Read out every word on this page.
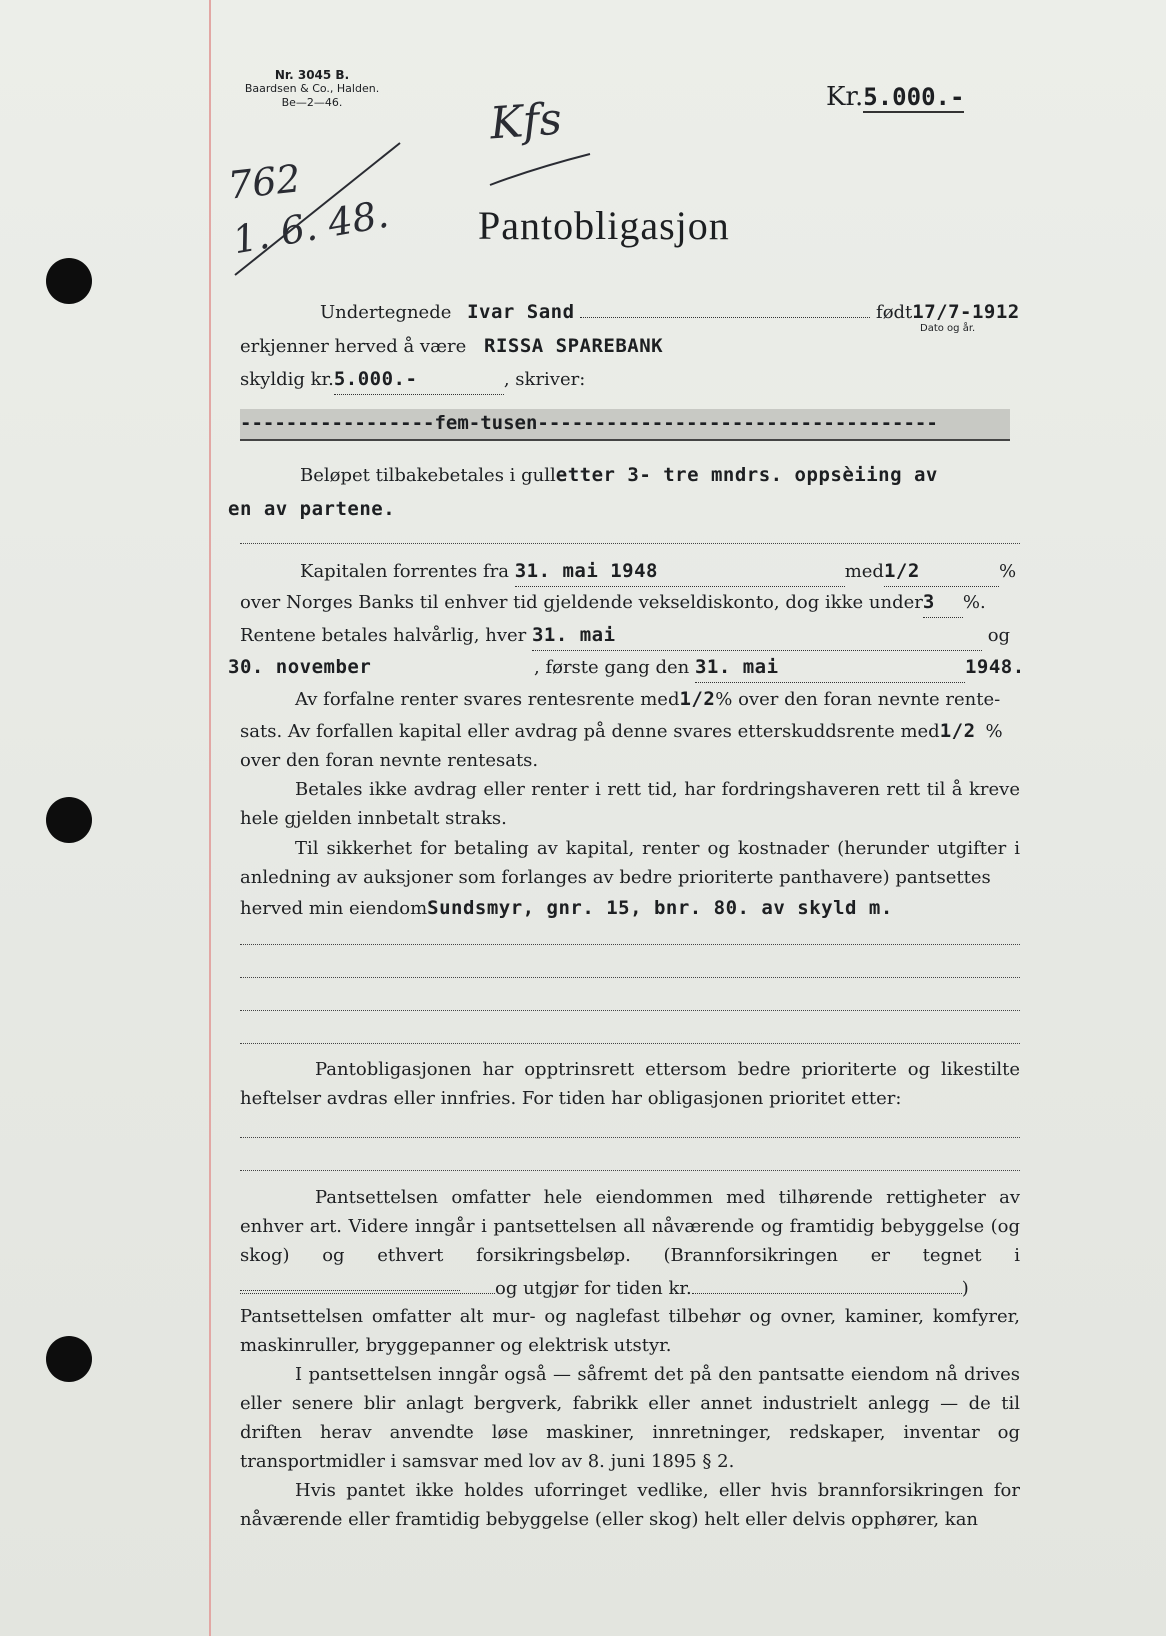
Nr. 3045 B.
Baardsen & Co., Halden.
Be—2—46.
762
1. 6. 48.
Kfs	Kr.5.000.-
Pantobligasjon
Undertegnede Ivar Sand	født17/7-1912
Dato og år.
erkjenner herved å være RISSA SPAREBANK
skyldig kr.5.000.-	, skriver:
-----------------fem-tusen-----------------------------------
Beløpet tilbakebetales i gulletter 3- tre mndrs. oppsèiing av
en av partene.
Kapitalen forrentes fra 31. mai 1948	med1/2	%
over Norges Banks til enhver tid gjeldende vekseldiskonto, dog ikke under3 %.
Rentene betales halvårlig, hver 31. mai	og
30. november	, første gang den 31. mai	1948.
Av forfalne renter svares rentesrente med1/2% over den foran nevnte rente-
sats. Av forfallen kapital eller avdrag på denne svares etterskuddsrente med1/2 %
over den foran nevnte rentesats.
Betales ikke avdrag eller renter i rett tid, har fordringshaveren rett til å kreve hele gjelden innbetalt straks.
Til sikkerhet for betaling av kapital, renter og kostnader (herunder utgifter i anledning av auksjoner som forlanges av bedre prioriterte panthavere) pantsettes
herved min eiendomSundsmyr, gnr. 15, bnr. 80. av skyld m.
Pantobligasjonen har opptrinsrett ettersom bedre prioriterte og likestilte heftelser avdras eller innfries. For tiden har obligasjonen prioritet etter:
Pantsettelsen omfatter hele eiendommen med tilhørende rettigheter av enhver art. Videre inngår i pantsettelsen all nåværende og framtidig bebyggelse (og skog) og ethvert forsikringsbeløp. (Brannforsikringen er tegnet i
og utgjør for tiden kr.	)
Pantsettelsen omfatter alt mur- og naglefast tilbehør og ovner, kaminer, komfyrer, maskinruller, bryggepanner og elektrisk utstyr.
I pantsettelsen inngår også — såfremt det på den pantsatte eiendom nå drives eller senere blir anlagt bergverk, fabrikk eller annet industrielt anlegg — de til driften herav anvendte løse maskiner, innretninger, redskaper, inventar og transportmidler i samsvar med lov av 8. juni 1895 § 2.
Hvis pantet ikke holdes uforringet vedlike, eller hvis brannforsikringen for nåværende eller framtidig bebyggelse (eller skog) helt eller delvis opphører, kan
